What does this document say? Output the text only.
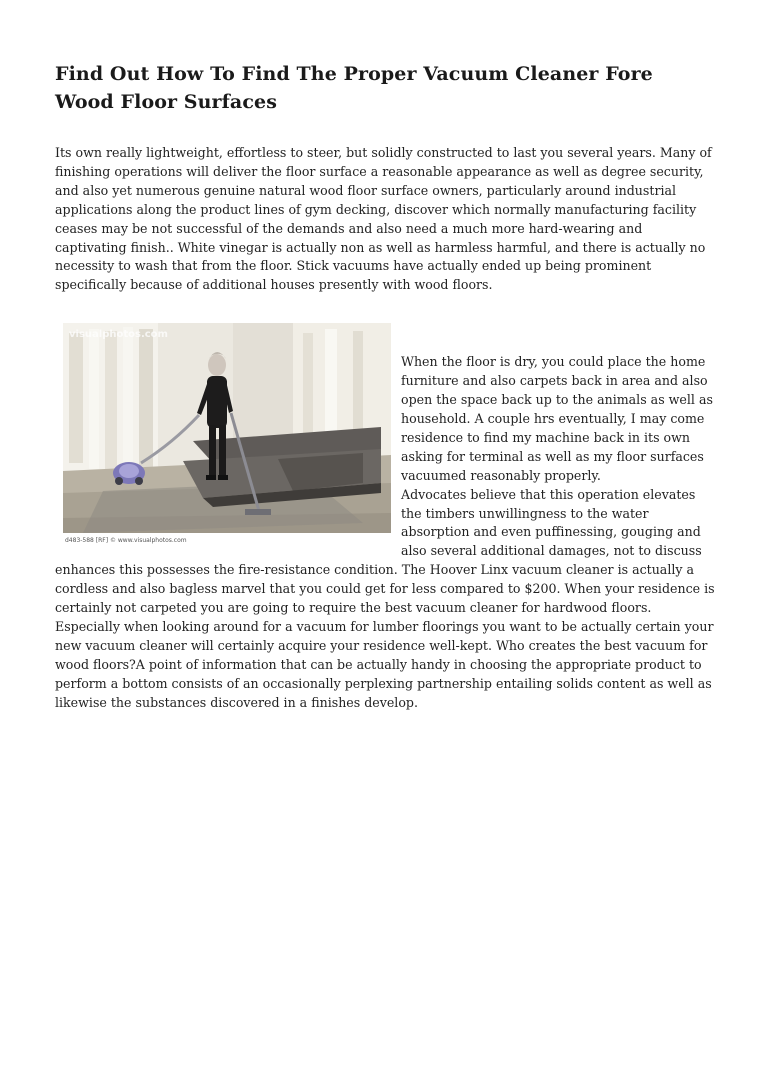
Find Out How To Find The Proper Vacuum Cleaner Fore Wood Floor Surfaces

Its own really lightweight, effortless to steer, but solidly constructed to last you several years. Many of finishing operations will deliver the floor surface a reasonable appearance as well as degree security, and also yet numerous genuine natural wood floor surface owners, particularly around industrial applications along the product lines of gym decking, discover which normally manufacturing facility ceases may be not successful of the demands and also need a much more hard-wearing and captivating finish.. White vinegar is actually non as well as harmless harmful, and there is actually no necessity to wash that from the floor. Stick vacuums have actually ended up being prominent specifically because of additional houses presently with wood floors.

visualphotos.com
d483-588 [RF] © www.visualphotos.com

When the floor is dry, you could place the home furniture and also carpets back in area and also open the space back up to the animals as well as household. A couple hrs eventually, I may come residence to find my machine back in its own asking for terminal as well as my floor surfaces vacuumed reasonably properly.

Advocates believe that this operation elevates the timbers unwillingness to the water absorption and even puffinessing, gouging and also several additional damages, not to discuss enhances this possesses the fire-resistance condition. The Hoover Linx vacuum cleaner is actually a cordless and also bagless marvel that you could get for less compared to $200. When your residence is certainly not carpeted you are going to require the best vacuum cleaner for hardwood floors. Especially when looking around for a vacuum for lumber floorings you want to be actually certain your new vacuum cleaner will certainly acquire your residence well-kept. Who creates the best vacuum for wood floors?A point of information that can be actually handy in choosing the appropriate product to perform a bottom consists of an occasionally perplexing partnership entailing solids content as well as likewise the substances discovered in a finishes develop.
